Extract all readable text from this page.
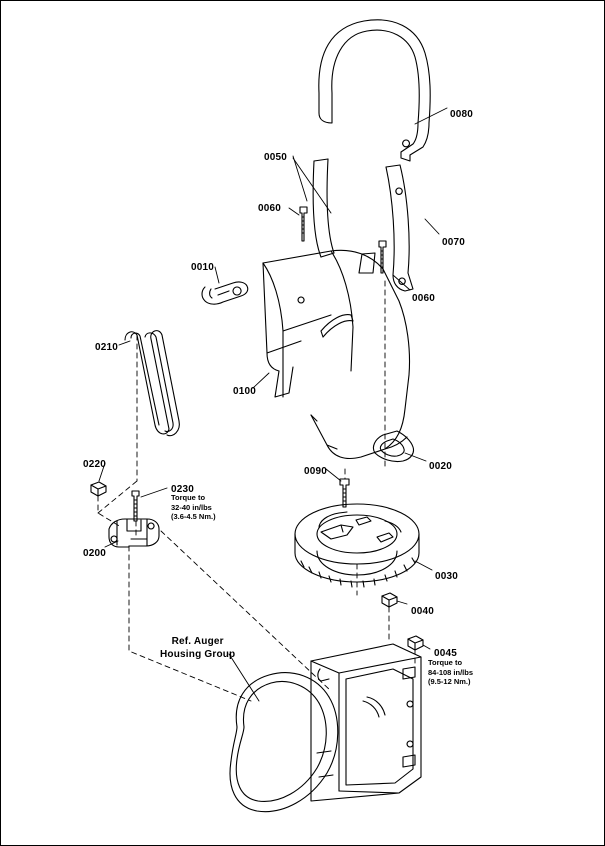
0080
0050
0060
0070
0060
0010
0210
0100
0020
0220
0090
0230
0200
0030
0040
0045
Torque to
32-40 in/lbs
(3.6-4.5 Nm.)
Torque to
84-108 in/lbs
(9.5-12 Nm.)
Ref. Auger
Housing Group
